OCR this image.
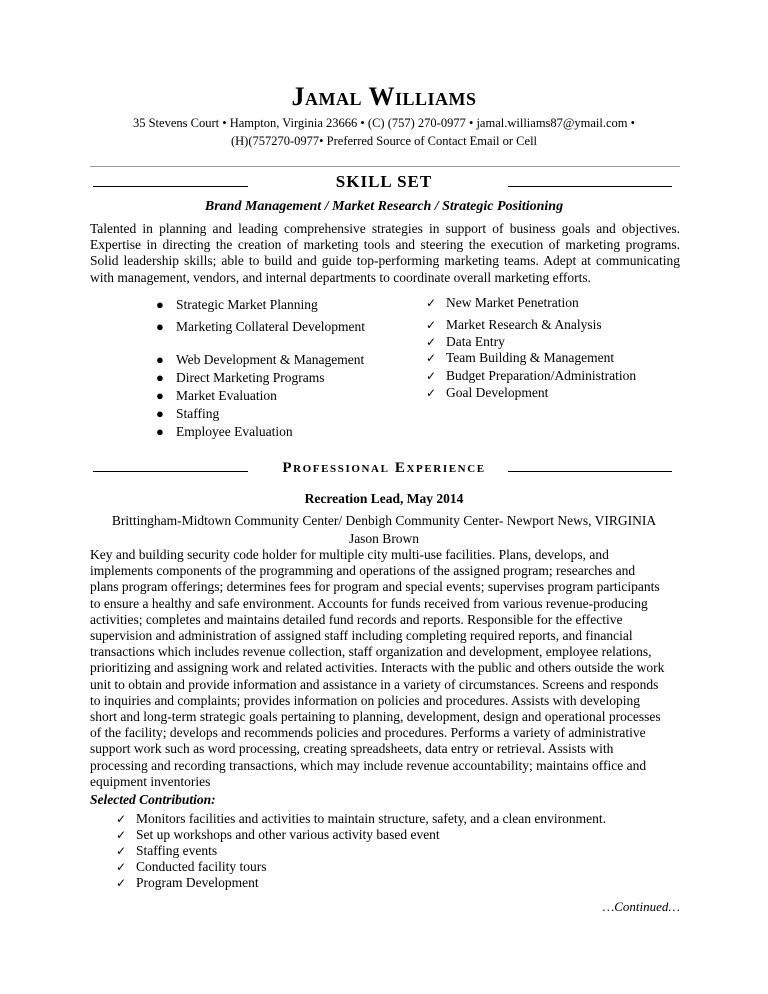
Jamal Williams
35 Stevens Court • Hampton, Virginia 23666 • (C) (757) 270-0977 • jamal.williams87@ymail.com •
(H)(757270-0977• Preferred Source of Contact Email or Cell
SKILL SET
Brand Management / Market Research / Strategic Positioning
Talented in planning and leading comprehensive strategies in support of business goals and objectives.
Expertise in directing the creation of marketing tools and steering the execution of marketing programs.
Solid leadership skills; able to build and guide top-performing marketing teams. Adept at communicating
with management, vendors, and internal departments to coordinate overall marketing efforts.
● Strategic Market Planning
● Marketing Collateral Development
● Web Development & Management
● Direct Marketing Programs
● Market Evaluation
● Staffing
● Employee Evaluation
✓ New Market Penetration
✓ Market Research & Analysis
✓ Data Entry
✓ Team Building & Management
✓ Budget Preparation/Administration
✓ Goal Development
Professional Experience
Recreation Lead, May 2014
Brittingham-Midtown Community Center/ Denbigh Community Center- Newport News, VIRGINIA
Jason Brown
Key and building security code holder for multiple city multi-use facilities. Plans, develops, and
implements components of the programming and operations of the assigned program; researches and
plans program offerings; determines fees for program and special events; supervises program participants
to ensure a healthy and safe environment. Accounts for funds received from various revenue-producing
activities; completes and maintains detailed fund records and reports. Responsible for the effective
supervision and administration of assigned staff including completing required reports, and financial
transactions which includes revenue collection, staff organization and development, employee relations,
prioritizing and assigning work and related activities. Interacts with the public and others outside the work
unit to obtain and provide information and assistance in a variety of circumstances. Screens and responds
to inquiries and complaints; provides information on policies and procedures. Assists with developing
short and long-term strategic goals pertaining to planning, development, design and operational processes
of the facility; develops and recommends policies and procedures. Performs a variety of administrative
support work such as word processing, creating spreadsheets, data entry or retrieval. Assists with
processing and recording transactions, which may include revenue accountability; maintains office and
equipment inventories
Selected Contribution:
✓ Monitors facilities and activities to maintain structure, safety, and a clean environment.
✓ Set up workshops and other various activity based event
✓ Staffing events
✓ Conducted facility tours
✓ Program Development
…Continued…
